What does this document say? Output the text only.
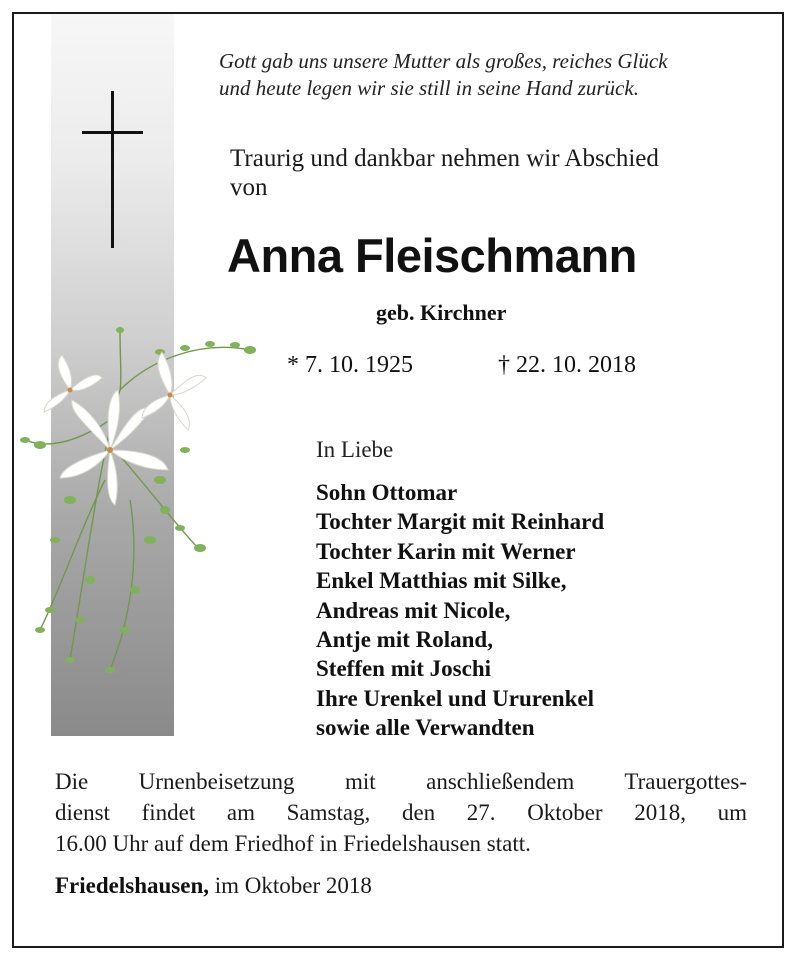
Gott gab uns unsere Mutter als großes, reiches Glück
und heute legen wir sie still in seine Hand zurück.
Traurig und dankbar nehmen wir Abschied
von
Anna Fleischmann
geb. Kirchner
* 7. 10. 1925	† 22. 10. 2018
In Liebe
Sohn Ottomar
Tochter Margit mit Reinhard
Tochter Karin mit Werner
Enkel Matthias mit Silke,
Andreas mit Nicole,
Antje mit Roland,
Steffen mit Joschi
Ihre Urenkel und Ururenkel
sowie alle Verwandten
Die Urnenbeisetzung mit anschließendem Trauergottes-
dienst findet am Samstag, den 27. Oktober 2018, um
16.00 Uhr auf dem Friedhof in Friedelshausen statt.
Friedelshausen, im Oktober 2018
